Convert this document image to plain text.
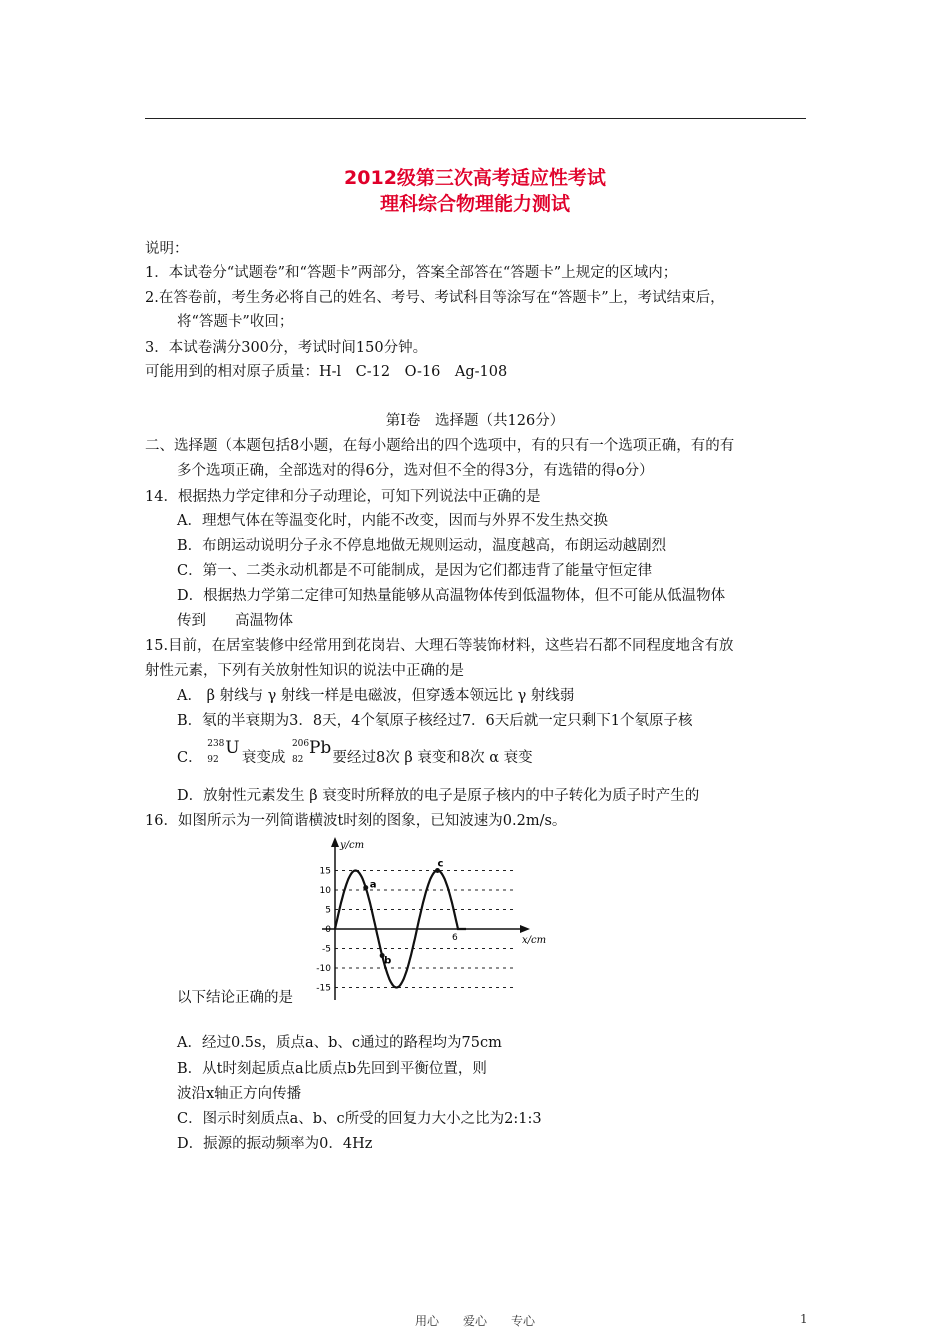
2012级第三次高考适应性考试
理科综合物理能力测试
说明：
1．本试卷分“试题卷”和“答题卡”两部分，答案全部答在“答题卡”上规定的区域内；
2.在答卷前，考生务必将自己的姓名、考号、考试科目等涂写在“答题卡”上，考试结束后，
将“答题卡”收回；
3．本试卷满分300分，考试时间150分钟。
可能用到的相对原子质量：H-l　C-12　O-16　Ag-108
第Ⅰ卷　选择题（共126分）
二、选择题（本题包括8小题，在每小题给出的四个选项中，有的只有一个选项正确，有的有
多个选项正确，全部选对的得6分，选对但不全的得3分，有选错的得o分）
14．根据热力学定律和分子动理论，可知下列说法中正确的是
A．理想气体在等温变化时，内能不改变，因而与外界不发生热交换
B．布朗运动说明分子永不停息地做无规则运动，温度越高，布朗运动越剧烈
C．第一、二类永动机都是不可能制成，是因为它们都违背了能量守恒定律
D．根据热力学第二定律可知热量能够从高温物体传到低温物体，但不可能从低温物体
传到　　高温物体
15.目前，在居室装修中经常用到花岗岩、大理石等装饰材料，这些岩石都不同程度地含有放
射性元素，下列有关放射性知识的说法中正确的是
A． β 射线与 γ 射线一样是电磁波，但穿透本领远比 γ 射线弱
B．氡的半衰期为3．8天，4个氡原子核经过7．6天后就一定只剩下1个氡原子核
C．
238
92
U 衰变成
206
82
Pb 要经过8次 β 衰变和8次 α 衰变
D．放射性元素发生 β 衰变时所释放的电子是原子核内的中子转化为质子时产生的
16．如图所示为一列简谐横波t时刻的图象，已知波速为0.2m/s。
y/cm
x/cm
15
10
5
0
-5
-10
-15
6
a
b
c
以下结论正确的是
A．经过0.5s，质点a、b、c通过的路程均为75cm
B．从t时刻起质点a比质点b先回到平衡位置，则
波沿x轴正方向传播
C．图示时刻质点a、b、c所受的回复力大小之比为2:1:3
D．振源的振动频率为0．4Hz
用心　　爱心　　专心	1
